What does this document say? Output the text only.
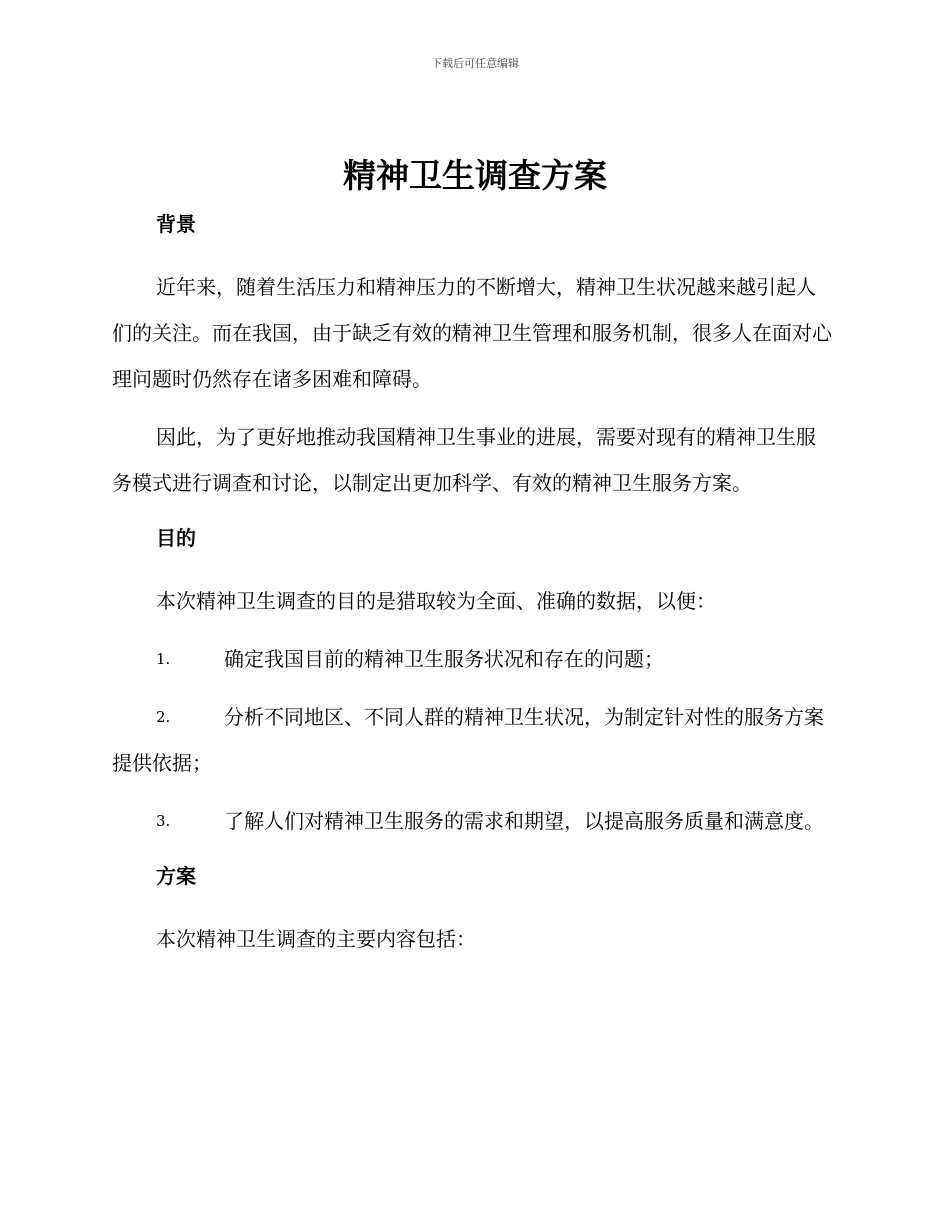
下载后可任意编辑
精神卫生调查方案
背景

近年来，随着生活压力和精神压力的不断增大，精神卫生状况越来越引起人们的关注。而在我国，由于缺乏有效的精神卫生管理和服务机制，很多人在面对心理问题时仍然存在诸多困难和障碍。

因此，为了更好地推动我国精神卫生事业的进展，需要对现有的精神卫生服务模式进行调查和讨论，以制定出更加科学、有效的精神卫生服务方案。

目的

本次精神卫生调查的目的是猎取较为全面、准确的数据，以便：

1.	确定我国目前的精神卫生服务状况和存在的问题；
2.	分析不同地区、不同人群的精神卫生状况，为制定针对性的服务方案提供依据；
3.	了解人们对精神卫生服务的需求和期望，以提高服务质量和满意度。
方案

本次精神卫生调查的主要内容包括：
